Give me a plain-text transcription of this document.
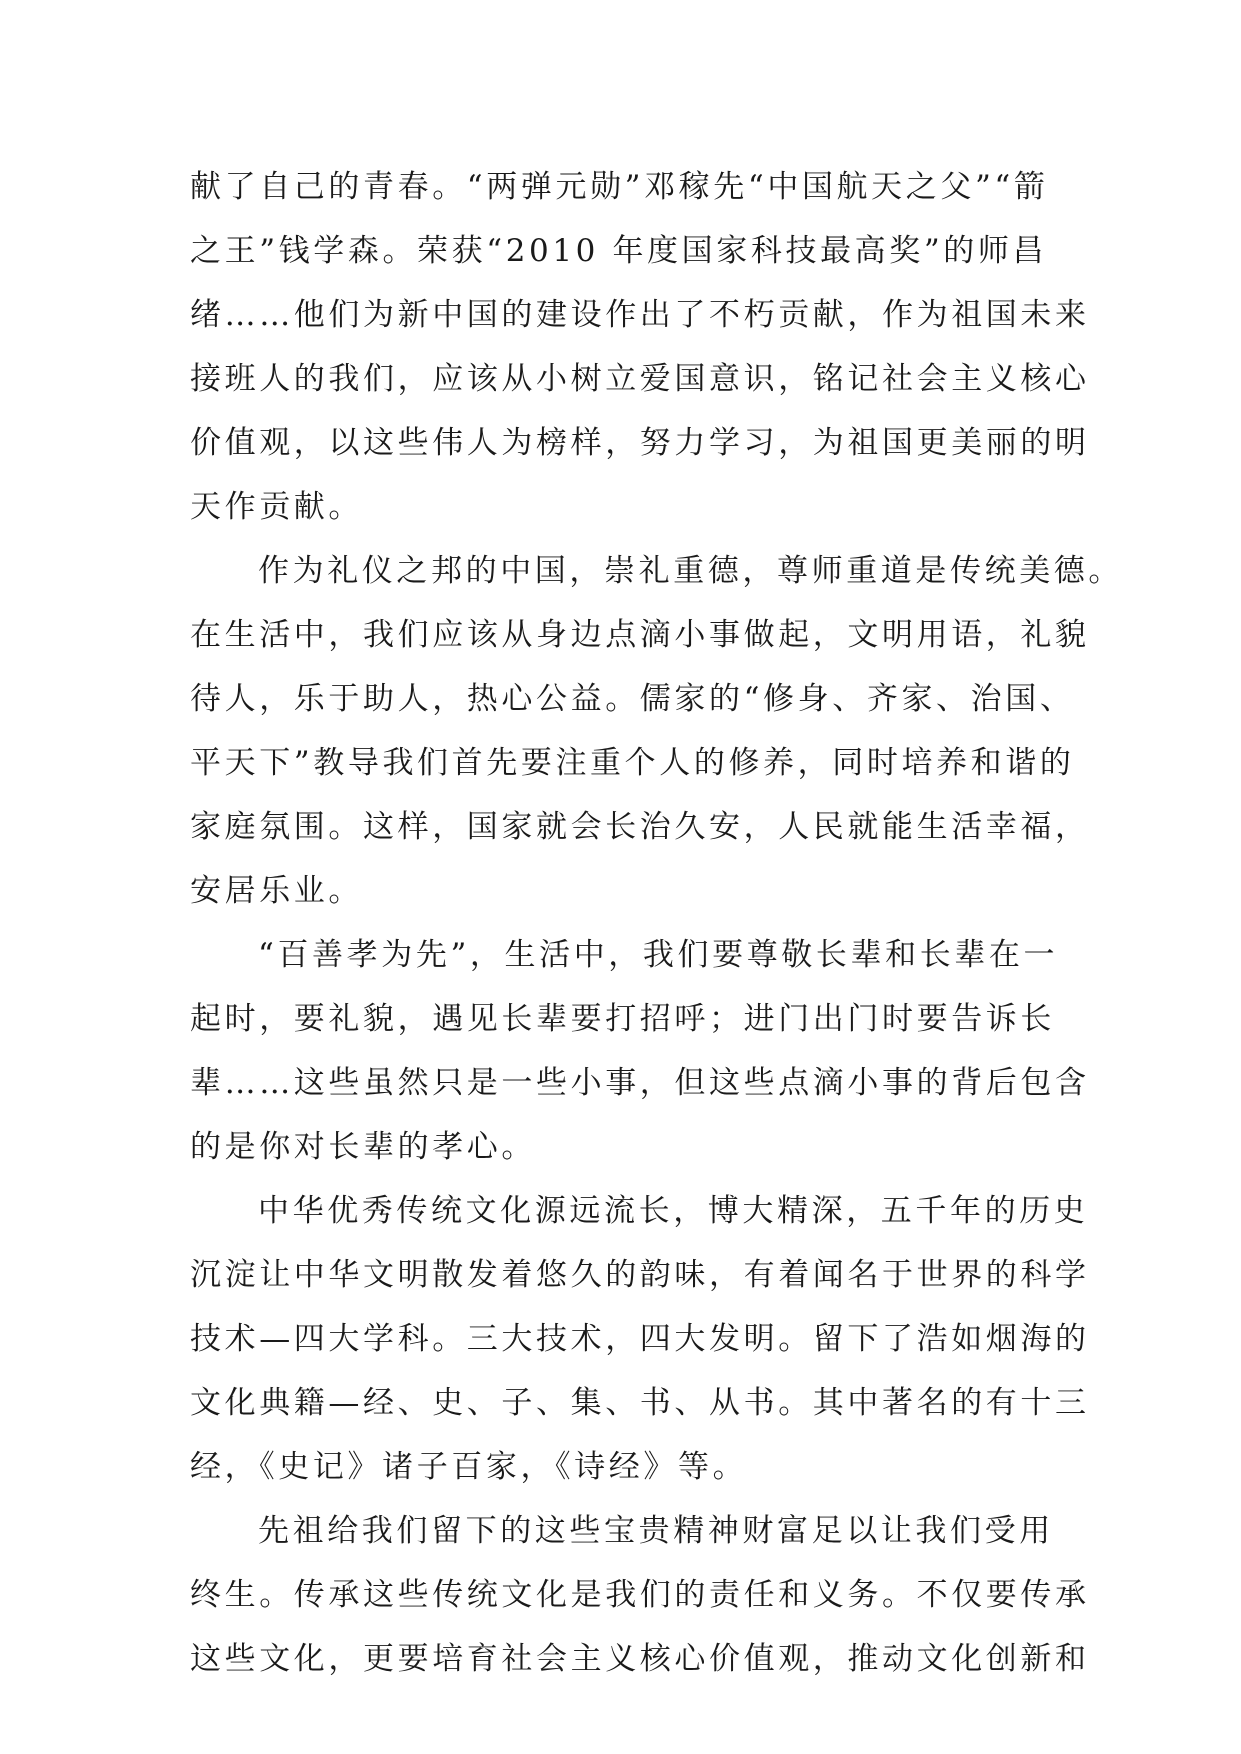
献了自己的青春。“两弹元勋”邓稼先“中国航天之父”“箭
之王”钱学森。荣获“2010 年度国家科技最高奖”的师昌
绪……他们为新中国的建设作出了不朽贡献，作为祖国未来
接班人的我们，应该从小树立爱国意识，铭记社会主义核心
价值观，以这些伟人为榜样，努力学习，为祖国更美丽的明
天作贡献。
作为礼仪之邦的中国，崇礼重德，尊师重道是传统美德。
在生活中，我们应该从身边点滴小事做起，文明用语，礼貌
待人，乐于助人，热心公益。儒家的“修身、齐家、治国、
平天下”教导我们首先要注重个人的修养，同时培养和谐的
家庭氛围。这样，国家就会长治久安，人民就能生活幸福，
安居乐业。
“百善孝为先”，生活中，我们要尊敬长辈和长辈在一
起时，要礼貌，遇见长辈要打招呼；进门出门时要告诉长
辈……这些虽然只是一些小事，但这些点滴小事的背后包含
的是你对长辈的孝心。
中华优秀传统文化源远流长，博大精深，五千年的历史
沉淀让中华文明散发着悠久的韵味，有着闻名于世界的科学
技术—四大学科。三大技术，四大发明。留下了浩如烟海的
文化典籍—经、史、子、集、书、从书。其中著名的有十三
经，《史记》诸子百家，《诗经》等。
先祖给我们留下的这些宝贵精神财富足以让我们受用
终生。传承这些传统文化是我们的责任和义务。不仅要传承
这些文化，更要培育社会主义核心价值观，推动文化创新和
